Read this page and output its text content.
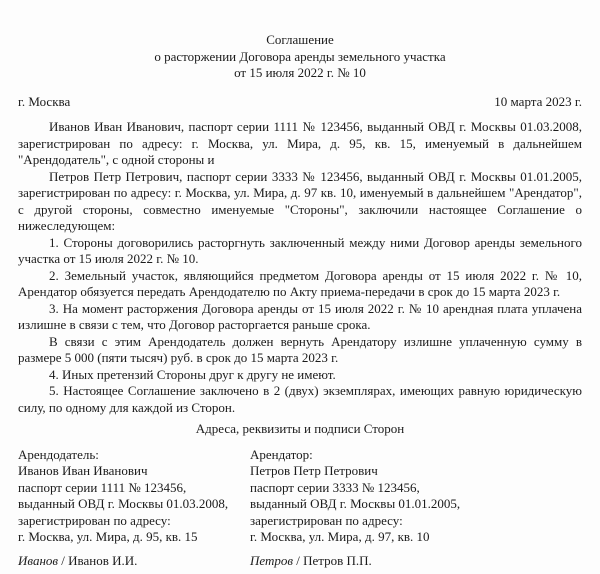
Соглашение
о расторжении Договора аренды земельного участка
от 15 июля 2022 г. № 10
г. Москва	10 марта 2023 г.

Иванов Иван Иванович, паспорт серии 1111 № 123456, выданный ОВД г. Москвы 01.03.2008, зарегистрирован по адресу: г. Москва, ул. Мира, д. 95, кв. 15, именуемый в дальнейшем "Арендодатель", с одной стороны и

Петров Петр Петрович, паспорт серии 3333 № 123456, выданный ОВД г. Москвы 01.01.2005, зарегистрирован по адресу: г. Москва, ул. Мира, д. 97 кв. 10, именуемый в дальнейшем "Арендатор", с другой стороны, совместно именуемые "Стороны", заключили настоящее Соглашение о нижеследующем:

1. Стороны договорились расторгнуть заключенный между ними Договор аренды земельного участка от 15 июля 2022 г. № 10.

2. Земельный участок, являющийся предметом Договора аренды от 15 июля 2022 г. № 10, Арендатор обязуется передать Арендодателю по Акту приема-передачи в срок до 15 марта 2023 г.

3. На момент расторжения Договора аренды от 15 июля 2022 г. № 10 арендная плата уплачена излишне в связи с тем, что Договор расторгается раньше срока.

В связи с этим Арендодатель должен вернуть Арендатору излишне уплаченную сумму в размере 5 000 (пяти тысяч) руб. в срок до 15 марта 2023 г.

4. Иных претензий Стороны друг к другу не имеют.

5. Настоящее Соглашение заключено в 2 (двух) экземплярах, имеющих равную юридическую силу, по одному для каждой из Сторон.

Адреса, реквизиты и подписи Сторон
Арендодатель:
Иванов Иван Иванович
паспорт серии 1111 № 123456,
выданный ОВД г. Москвы 01.03.2008,
зарегистрирован по адресу:
г. Москва, ул. Мира, д. 95, кв. 15
Арендатор:
Петров Петр Петрович
паспорт серии 3333 № 123456,
выданный ОВД г. Москвы 01.01.2005,
зарегистрирован по адресу:
г. Москва, ул. Мира, д. 97, кв. 10
Иванов / Иванов И.И.	Петров / Петров П.П.
